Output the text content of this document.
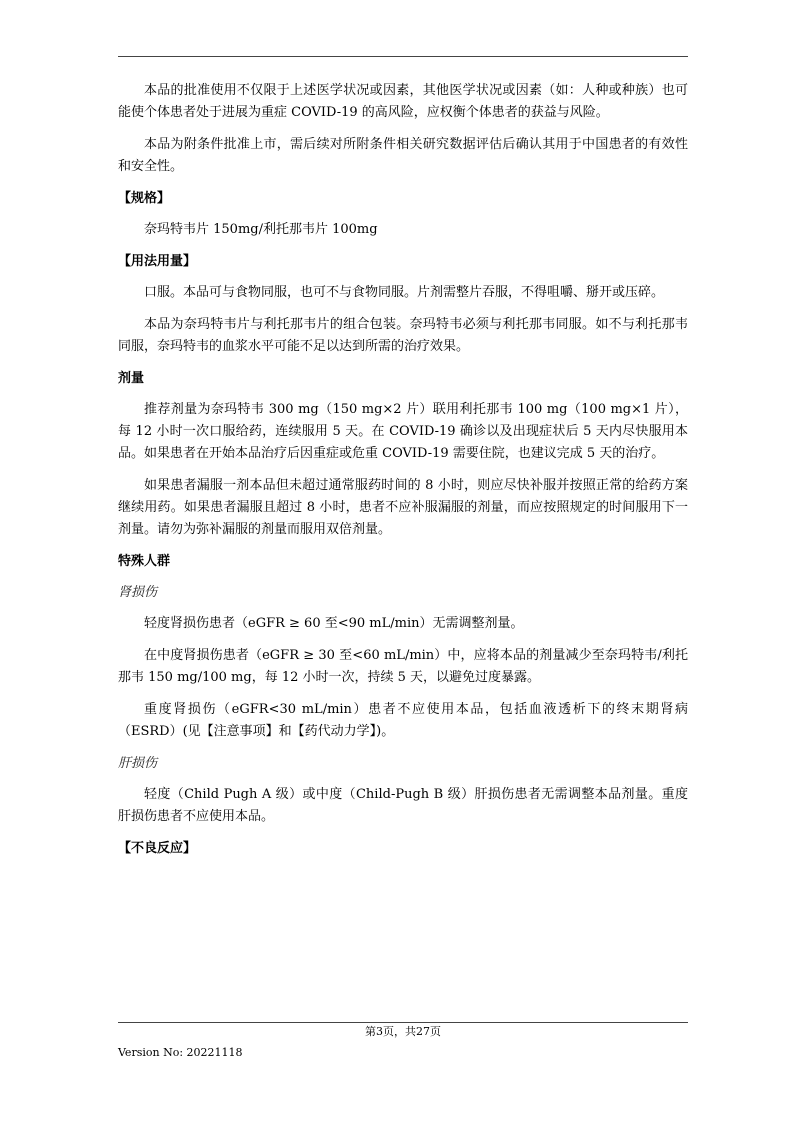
本品的批准使用不仅限于上述医学状况或因素，其他医学状况或因素（如：人种或种族）也可能使个体患者处于进展为重症 COVID-19 的高风险，应权衡个体患者的获益与风险。

本品为附条件批准上市，需后续对所附条件相关研究数据评估后确认其用于中国患者的有效性和安全性。

【规格】

奈玛特韦片 150mg/利托那韦片 100mg

【用法用量】

口服。本品可与食物同服，也可不与食物同服。片剂需整片吞服，不得咀嚼、掰开或压碎。

本品为奈玛特韦片与利托那韦片的组合包装。奈玛特韦必须与利托那韦同服。如不与利托那韦同服，奈玛特韦的血浆水平可能不足以达到所需的治疗效果。

剂量

推荐剂量为奈玛特韦 300 mg（150 mg×2 片）联用利托那韦 100 mg（100 mg×1 片），每 12 小时一次口服给药，连续服用 5 天。在 COVID-19 确诊以及出现症状后 5 天内尽快服用本品。如果患者在开始本品治疗后因重症或危重 COVID-19 需要住院，也建议完成 5 天的治疗。

如果患者漏服一剂本品但未超过通常服药时间的 8 小时，则应尽快补服并按照正常的给药方案继续用药。如果患者漏服且超过 8 小时，患者不应补服漏服的剂量，而应按照规定的时间服用下一剂量。请勿为弥补漏服的剂量而服用双倍剂量。

特殊人群

肾损伤

轻度肾损伤患者（eGFR ≥ 60 至<90 mL/min）无需调整剂量。

在中度肾损伤患者（eGFR ≥ 30 至<60 mL/min）中，应将本品的剂量减少至奈玛特韦/利托那韦 150 mg/100 mg，每 12 小时一次，持续 5 天，以避免过度暴露。

重度肾损伤（eGFR<30 mL/min）患者不应使用本品，包括血液透析下的终末期肾病（ESRD）(见【注意事项】和【药代动力学】)。

肝损伤

轻度（Child Pugh A 级）或中度（Child-Pugh B 级）肝损伤患者无需调整本品剂量。重度肝损伤患者不应使用本品。

【不良反应】
第3页，共27页
Version No: 20221118
